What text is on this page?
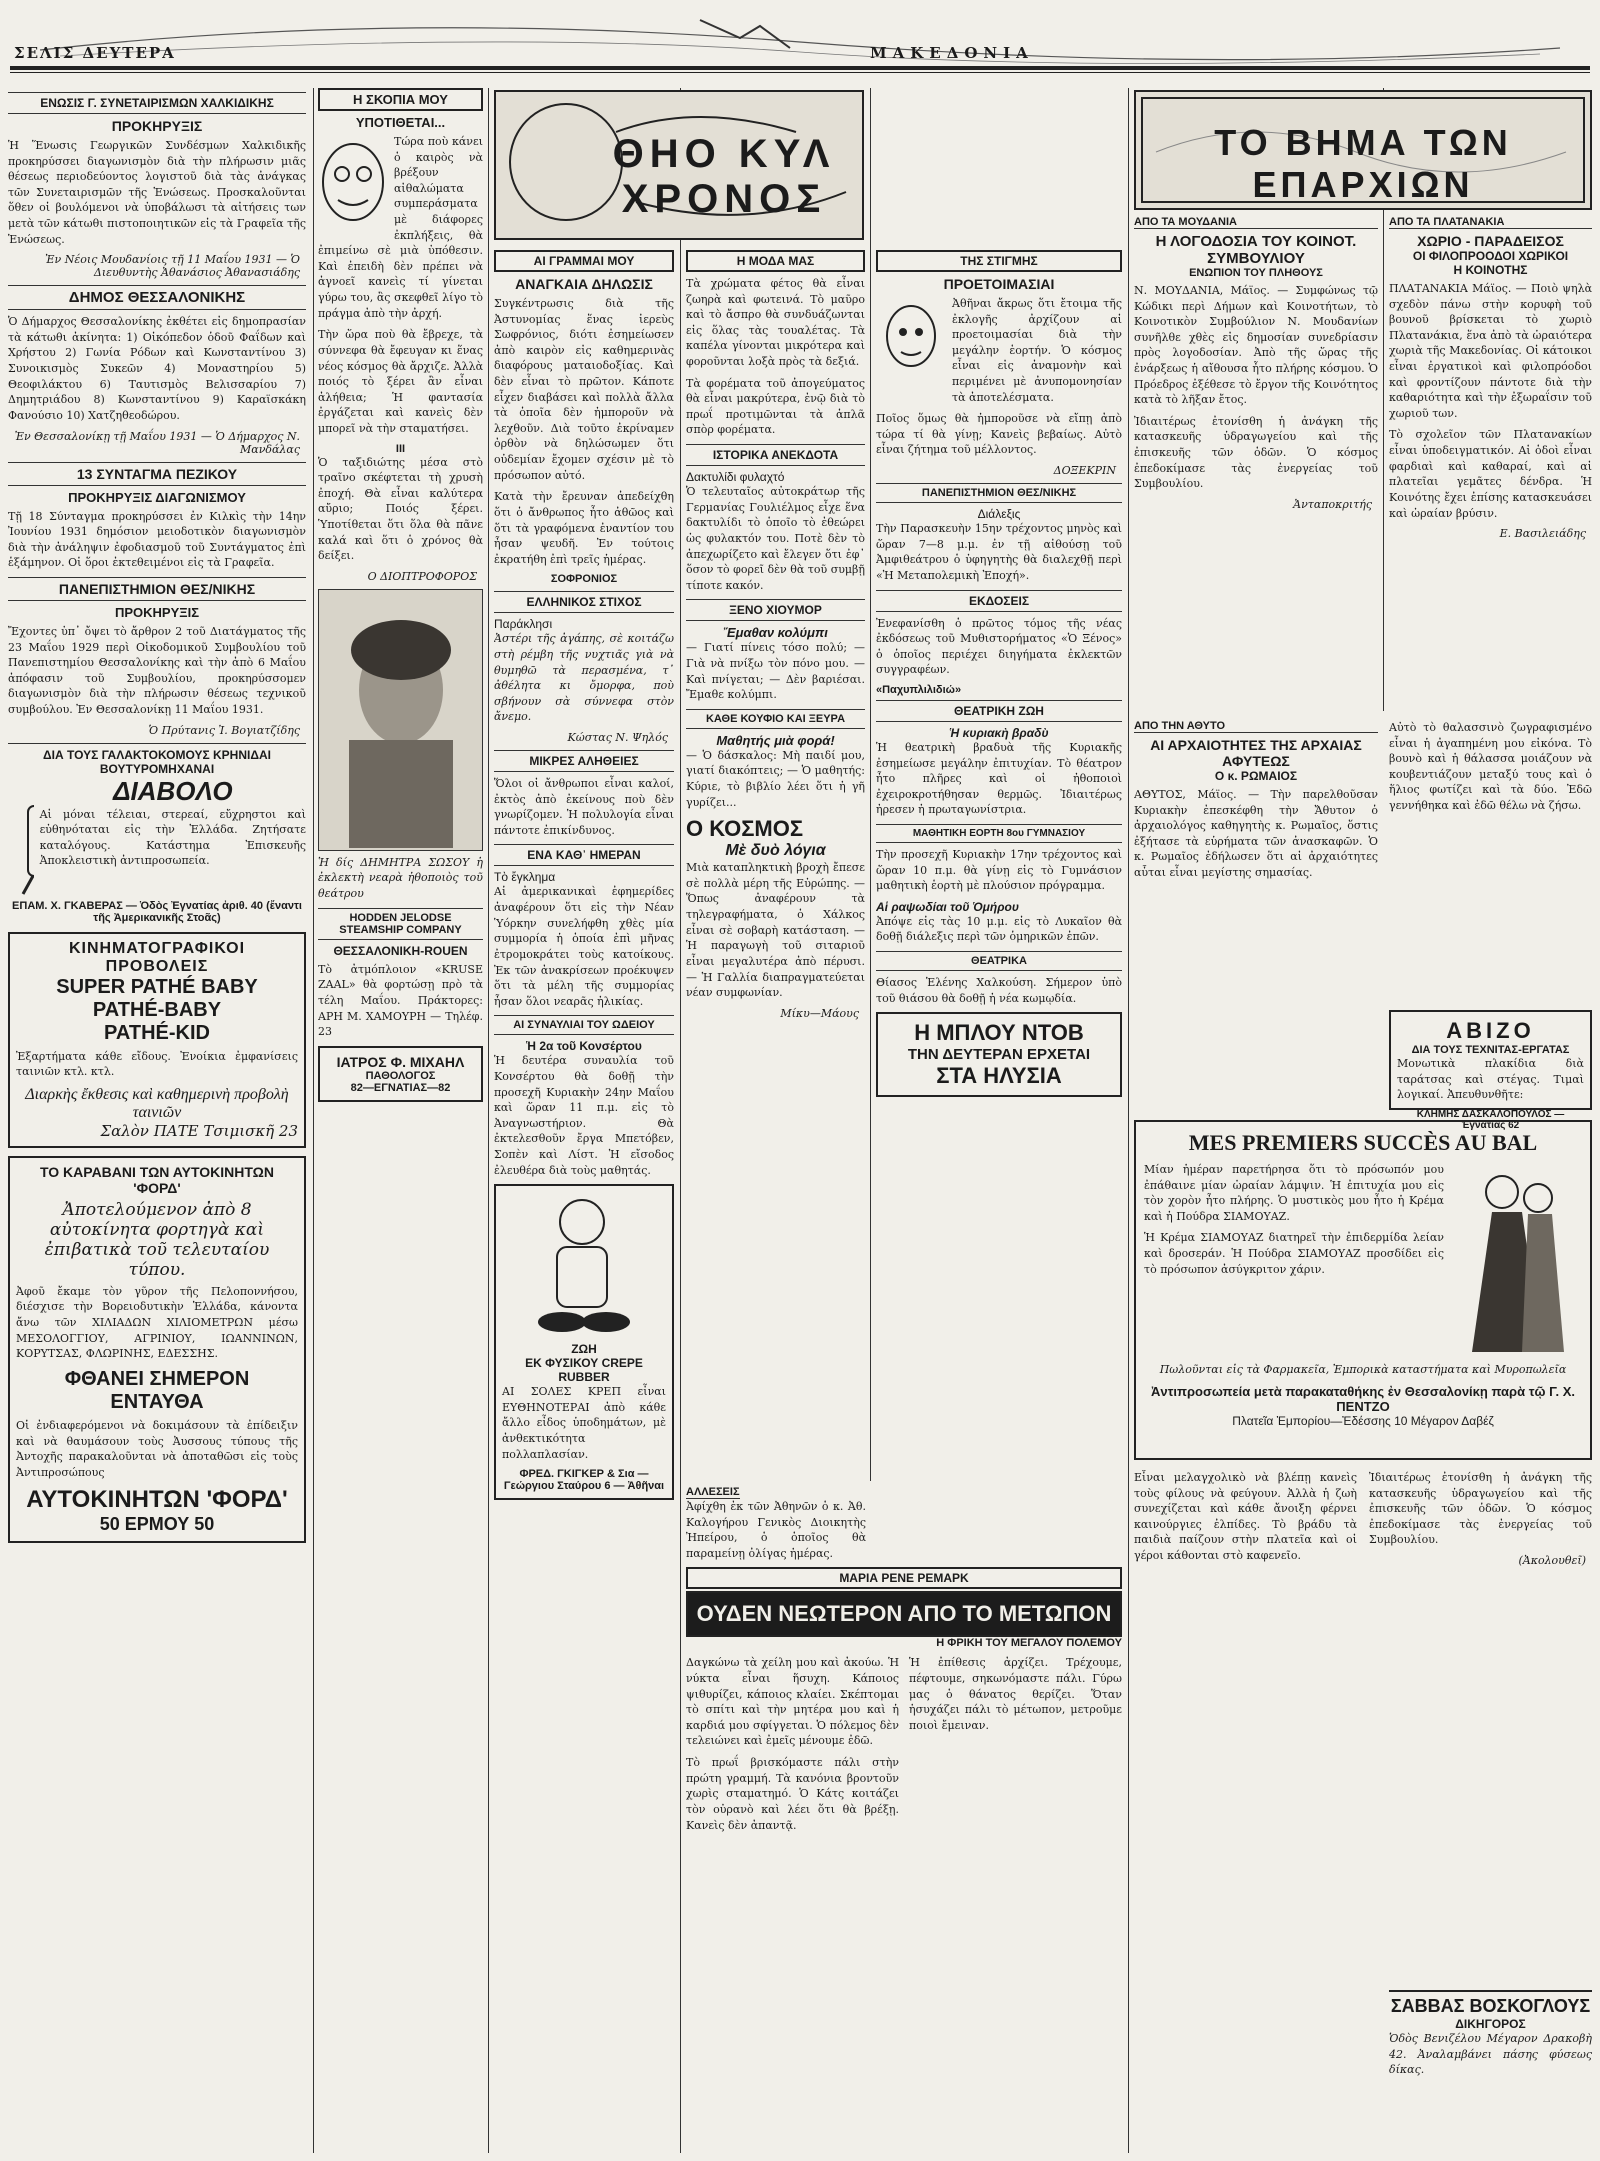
ΣΕΛΙΣ ΔΕΥΤΕΡΑ	ΜΑΚΕΔΟΝΙΑ
ΕΝΩΣΙΣ Γ. ΣΥΝΕΤΑΙΡΙΣΜΩΝ ΧΑΛΚΙΔΙΚΗΣ
ΠΡΟΚΗΡΥΞΙΣ

Ἡ Ἕνωσις Γεωργικῶν Συνδέσμων Χαλκιδικῆς προκηρύσσει διαγωνισμὸν διὰ τὴν πλήρωσιν μιᾶς θέσεως περιοδεύοντος λογιστοῦ διὰ τὰς ἀνάγκας τῶν Συνεταιρισμῶν τῆς Ἑνώσεως. Προσκαλοῦνται ὅθεν οἱ βουλόμενοι νὰ ὑποβάλωσι τὰ αἰτήσεις των μετὰ τῶν κάτωθι πιστοποιητικῶν εἰς τὰ Γραφεῖα τῆς Ἑνώσεως.

Ἐν Νέοις Μουδανίοις τῇ 11 Μαΐου 1931 — Ὁ Διευθυντὴς Ἀθανάσιος Ἀθανασιάδης
ΔΗΜΟΣ ΘΕΣΣΑΛΟΝΙΚΗΣ

Ὁ Δήμαρχος Θεσσαλονίκης ἐκθέτει εἰς δημοπρασίαν τὰ κάτωθι ἀκίνητα: 1) Οἰκόπεδον ὁδοῦ Φαΐδων καὶ Χρήστου 2) Γωνία Ρόδων καὶ Κωνσταντίνου 3) Συνοικισμὸς Συκεῶν 4) Μοναστηρίου 5) Θεοφιλάκτου 6) Ταυτισμὸς Βελισσαρίου 7) Δημητριάδου 8) Κωνσταντίνου 9) Καραϊσκάκη Φανούσιο 10) Χατζηθεοδώρου.

Ἐν Θεσσαλονίκῃ τῇ Μαΐου 1931 — Ὁ Δήμαρχος Ν. Μανδάλας
13 ΣΥΝΤΑΓΜΑ ΠΕΖΙΚΟΥ
ΠΡΟΚΗΡΥΞΙΣ ΔΙΑΓΩΝΙΣΜΟΥ

Τῇ 18 Σύνταγμα προκηρύσσει ἐν Κιλκὶς τὴν 14ην Ἰουνίου 1931 δημόσιον μειοδοτικὸν διαγωνισμὸν διὰ τὴν ἀνάληψιν ἐφοδιασμοῦ τοῦ Συντάγματος ἐπὶ ἑξάμηνον. Οἱ ὅροι ἐκτεθειμένοι εἰς τὰ Γραφεῖα.

ΠΑΝΕΠΙΣΤΗΜΙΟΝ ΘΕΣ/ΝΙΚΗΣ
ΠΡΟΚΗΡΥΞΙΣ

Ἔχοντες ὑπ᾽ ὄψει τὸ ἄρθρον 2 τοῦ Διατάγματος τῆς 23 Μαΐου 1929 περὶ Οἰκοδομικοῦ Συμβουλίου τοῦ Πανεπιστημίου Θεσσαλονίκης καὶ τὴν ἀπὸ 6 Μαΐου ἀπόφασιν τοῦ Συμβουλίου, προκηρύσσομεν διαγωνισμὸν διὰ τὴν πλήρωσιν θέσεως τεχνικοῦ συμβούλου. Ἐν Θεσσαλονίκῃ 11 Μαΐου 1931.

Ὁ Πρύτανις Ἰ. Βογιατζίδης
ΔΙΑ ΤΟΥΣ ΓΑΛΑΚΤΟΚΟΜΟΥΣ ΚΡΗΝΙΔΑΙ ΒΟΥΤΥΡΟΜΗΧΑΝΑΙ
ΔΙΑΒΟΛΟ

Αἱ μόναι τέλειαι, στερεαί, εὔχρηστοι καὶ εὐθηνόταται εἰς τὴν Ἑλλάδα. Ζητήσατε καταλόγους. Κατάστημα Ἐπισκευῆς Ἀποκλειστικὴ ἀντιπροσωπεία.

ΕΠΑΜ. Χ. ΓΚΑΒΕΡΑΣ — Ὁδὸς Ἐγνατίας ἀριθ. 40 (ἔναντι τῆς Ἀμερικανικῆς Στοᾶς)
ΚΙΝΗΜΑΤΟΓΡΑΦΙΚΟΙ ΠΡΟΒΟΛΕΙΣ
SUPER PATHÉ BABY
PATHÉ-BABY
PATHÉ-KID

Ἐξαρτήματα κάθε εἴδους. Ἐνοίκια ἐμφανίσεις ταινιῶν κτλ. κτλ.

Διαρκὴς ἔκθεσις καὶ καθημερινὴ προβολὴ ταινιῶν
Σαλὸν ΠΑΤΕ Τσιμισκῆ 23
ΤΟ ΚΑΡΑΒΑΝΙ ΤΩΝ ΑΥΤΟΚΙΝΗΤΩΝ 'ΦΟΡΔ'
Ἀποτελούμενον ἀπὸ 8 αὐτοκίνητα φορτηγὰ καὶ ἐπιβατικὰ τοῦ τελευταίου τύπου.

Ἀφοῦ ἔκαμε τὸν γῦρον τῆς Πελοποννήσου, διέσχισε τὴν Βορειοδυτικὴν Ἑλλάδα, κάνοντα ἄνω τῶν ΧΙΛΙΑΔΩΝ ΧΙΛΙΟΜΕΤΡΩΝ μέσω ΜΕΣΟΛΟΓΓΙΟΥ, ΑΓΡΙΝΙΟΥ, ΙΩΑΝΝΙΝΩΝ, ΚΟΡΥΤΣΑΣ, ΦΛΩΡΙΝΗΣ, ΕΔΕΣΣΗΣ.

ΦΘΑΝΕΙ ΣΗΜΕΡΟΝ ΕΝΤΑΥΘΑ

Οἱ ἐνδιαφερόμενοι νὰ δοκιμάσουν τὰ ἐπίδειξιν καὶ νὰ θαυμάσουν τοὺς Ἀυσσους τύπους τῆς Ἀντοχῆς παρακαλοῦνται νὰ ἀποταθῶσι εἰς τοὺς Ἀντιπροσώπους

ΑΥΤΟΚΙΝΗΤΩΝ 'ΦΟΡΔ'
50 ΕΡΜΟΥ 50
Η ΣΚΟΠΙΑ ΜΟΥ
ΥΠΟΤΙΘΕΤΑΙ...

Τώρα ποὺ κάνει ὁ καιρὸς νὰ βρέξουν αἰθαλώματα συμπεράσματα μὲ διάφορες ἐκπλήξεις, θὰ ἐπιμείνω σὲ μιὰ ὑπόθεσιν. Καὶ ἐπειδὴ δὲν πρέπει νὰ ἀγνοεῖ κανεὶς τί γίνεται γύρω του, ἂς σκεφθεῖ λίγο τὸ πράγμα ἀπὸ τὴν ἀρχή.

Τὴν ὥρα ποὺ θὰ ἔβρεχε, τὰ σύννεφα θὰ ἔφευγαν κι ἕνας νέος κόσμος θὰ ἄρχιζε. Ἀλλὰ ποιός τὸ ξέρει ἂν εἶναι ἀλήθεια; Ἡ φαντασία ἐργάζεται καὶ κανεὶς δὲν μπορεῖ νὰ τὴν σταματήσει.

III

Ὁ ταξιδιώτης μέσα στὸ τραῖνο σκέφτεται τὴ χρυσὴ ἐποχή. Θὰ εἶναι καλύτερα αὔριο; Ποιός ξέρει. Ὑποτίθεται ὅτι ὅλα θὰ πᾶνε καλά καὶ ὅτι ὁ χρόνος θὰ δείξει.

Ο ΔΙΟΠΤΡΟΦΟΡΟΣ

Ἡ δίς ΔΗΜΗΤΡΑ ΣΩΣΟΥ ἡ ἐκλεκτὴ νεαρὰ ἠθοποιὸς τοῦ θεάτρου

HODDEN JELODSE STEAMSHIP COMPANY
ΘΕΣΣΑΛΟΝΙΚΗ-ROUEN

Τὸ ἀτμόπλοιον «KRUSE ZAAL» θὰ φορτώσῃ πρὸ τὰ τέλη Μαΐου. Πράκτορες: ΑΡΗ Μ. ΧΑΜΟΥΡΗ — Τηλέφ. 23

ΙΑΤΡΟΣ Φ. ΜΙΧΑΗΛ
ΠΑΘΟΛΟΓΟΣ
82—ΕΓΝΑΤΙΑΣ—82
ΘΗΟ ΚΥΛ ΧΡΟΝΟΣ
ΑΙ ΓΡΑΜΜΑΙ ΜΟΥ
ΑΝΑΓΚΑΙΑ ΔΗΛΩΣΙΣ

Συγκέντρωσις διὰ τῆς Ἀστυνομίας ἕνας ἰερεὺς Σωφρόνιος, διότι ἐσημείωσεν ἀπὸ καιρὸν εἰς καθημερινὰς διαφόρους ματαιοδοξίας. Καὶ δὲν εἶναι τὸ πρῶτον. Κάποτε εἶχεν διαβάσει καὶ πολλὰ ἄλλα τὰ ὁποῖα δὲν ἠμποροῦν νὰ λεχθοῦν. Διὰ τοῦτο ἐκρίναμεν ὀρθὸν νὰ δηλώσωμεν ὅτι οὐδεμίαν ἔχομεν σχέσιν μὲ τὸ πρόσωπον αὐτό.

Κατὰ τὴν ἔρευναν ἀπεδείχθη ὅτι ὁ ἄνθρωπος ἦτο ἀθῶος καὶ ὅτι τὰ γραφόμενα ἐναντίον του ἦσαν ψευδῆ. Ἐν τούτοις ἐκρατήθη ἐπὶ τρεῖς ἡμέρας.

ΣΟΦΡΟΝΙΟΣ
ΕΛΛΗΝΙΚΟΣ ΣΤΙΧΟΣ
Παράκλησι

Ἀστέρι τῆς ἀγάπης, σὲ κοιτάζω στὴ ρέμβη τῆς νυχτιᾶς γιὰ νὰ θυμηθῶ τὰ περασμένα, τ᾽ ἀθέλητα κι ὄμορφα, ποὺ σβήνουν σὰ σύννεφα στὸν ἄνεμο.

Κώστας Ν. Ψηλός
ΜΙΚΡΕΣ ΑΛΗΘΕΙΕΣ

Ὅλοι οἱ ἄνθρωποι εἶναι καλοί, ἐκτὸς ἀπὸ ἐκείνους ποὺ δὲν γνωρίζομεν. Ἡ πολυλογία εἶναι πάντοτε ἐπικίνδυνος.

ΕΝΑ ΚΑΘ᾽ ΗΜΕΡΑΝ
Τὸ ἔγκλημα

Αἱ ἀμερικανικαὶ ἐφημερίδες ἀναφέρουν ὅτι εἰς τὴν Νέαν Ὑόρκην συνελήφθη χθὲς μία συμμορία ἡ ὁποία ἐπὶ μῆνας ἐτρομοκράτει τοὺς κατοίκους. Ἐκ τῶν ἀνακρίσεων προέκυψεν ὅτι τὰ μέλη τῆς συμμορίας ἦσαν ὅλοι νεαρᾶς ἡλικίας.

ΑΙ ΣΥΝΑΥΛΙΑΙ ΤΟΥ ΩΔΕΙΟΥ
Ἡ 2α τοῦ Κονσέρτου

Ἡ δευτέρα συναυλία τοῦ Κονσέρτου θὰ δοθῇ τὴν προσεχῆ Κυριακὴν 24ην Μαΐου καὶ ὥραν 11 π.μ. εἰς τὸ Ἀναγνωστήριον. Θὰ ἐκτελεσθοῦν ἔργα Μπετόβεν, Σοπὲν καὶ Λίστ. Ἡ εἴσοδος ἐλευθέρα διὰ τοὺς μαθητάς.

ΖΩΗ
ΕΚ ΦΥΣΙΚΟΥ CREPE RUBBER

ΑΙ ΣΟΛΕΣ ΚΡΕΠ εἶναι ΕΥΘΗΝΟΤΕΡΑΙ ἀπὸ κάθε ἄλλο εἶδος ὑποδημάτων, μὲ ἀνθεκτικότητα πολλαπλασίαν.

ΦΡΕΔ. ΓΚΙΓΚΕΡ & Σια — Γεώργιου Σταύρου 6 — Ἀθῆναι
Η ΜΟΔΑ ΜΑΣ

Τὰ χρώματα φέτος θὰ εἶναι ζωηρὰ καὶ φωτεινά. Τὸ μαῦρο καὶ τὸ ἄσπρο θὰ συνδυάζωνται εἰς ὅλας τὰς τουαλέτας. Τὰ καπέλα γίνονται μικρότερα καὶ φοροῦνται λοξὰ πρὸς τὰ δεξιά.

Τὰ φορέματα τοῦ ἀπογεύματος θὰ εἶναι μακρύτερα, ἐνῷ διὰ τὸ πρωΐ προτιμῶνται τὰ ἁπλᾶ σπὸρ φορέματα.

ΙΣΤΟΡΙΚΑ ΑΝΕΚΔΟΤΑ
Δακτυλίδι φυλαχτό

Ὁ τελευταῖος αὐτοκράτωρ τῆς Γερμανίας Γουλιέλμος εἶχε ἕνα δακτυλίδι τὸ ὁποῖο τὸ ἐθεώρει ὡς φυλακτόν του. Ποτὲ δὲν τὸ ἀπεχωρίζετο καὶ ἔλεγεν ὅτι ἐφ᾽ ὅσον τὸ φορεῖ δὲν θὰ τοῦ συμβῇ τίποτε κακόν.

ΞΕΝΟ ΧΙΟΥΜΟΡ
Ἔμαθαν κολύμπι

— Γιατί πίνεις τόσο πολύ; — Γιὰ νὰ πνίξω τὸν πόνο μου. — Καὶ πνίγεται; — Δὲν βαριέσαι. Ἔμαθε κολύμπι.

ΚΑΘΕ ΚΟΥΦΙΟ ΚΑΙ ΞΕΥΡΑ
Μαθητής μιὰ φορά!

— Ὁ δάσκαλος: Μὴ παιδί μου, γιατί διακόπτεις; — Ὁ μαθητής: Κύριε, τὸ βιβλίο λέει ὅτι ἡ γῆ γυρίζει...

Ο ΚΟΣΜΟΣ
Μὲ δυὸ λόγια

Μιὰ καταπληκτικὴ βροχὴ ἔπεσε σὲ πολλὰ μέρη τῆς Εὐρώπης. — Ὅπως ἀναφέρουν τὰ τηλεγραφήματα, ὁ Χάλκος εἶναι σὲ σοβαρὴ κατάσταση. — Ἡ παραγωγὴ τοῦ σιταριοῦ εἶναι μεγαλυτέρα ἀπὸ πέρυσι. — Ἡ Γαλλία διαπραγματεύεται νέαν συμφωνίαν.

Μίκυ—Μάους
ΤΗΣ ΣΤΙΓΜΗΣ
ΠΡΟΕΤΟΙΜΑΣΙΑΙ

Ἀθῆναι ἄκρως ὅτι ἔτοιμα τῆς ἐκλογῆς ἀρχίζουν αἱ προετοιμασίαι διὰ τὴν μεγάλην ἑορτήν. Ὁ κόσμος εἶναι εἰς ἀναμονὴν καὶ περιμένει μὲ ἀνυπομονησίαν τὰ ἀποτελέσματα.

Ποῖος ὅμως θὰ ἠμποροῦσε νὰ εἴπῃ ἀπὸ τώρα τί θὰ γίνῃ; Κανεὶς βεβαίως. Αὐτὸ εἶναι ζήτημα τοῦ μέλλοντος.

ΔΟΞΕΚΡΙΝ
ΠΑΝΕΠΙΣΤΗΜΙΟΝ ΘΕΣ/ΝΙΚΗΣ
Διάλεξις

Τὴν Παρασκευὴν 15ην τρέχοντος μηνὸς καὶ ὥραν 7—8 μ.μ. ἐν τῇ αἰθούσῃ τοῦ Ἀμφιθεάτρου ὁ ὑφηγητὴς θὰ διαλεχθῇ περὶ «Ἡ Μεταπολεμικὴ Ἐποχή».

ΕΚΔΟΣΕΙΣ

Ἐνεφανίσθη ὁ πρῶτος τόμος τῆς νέας ἐκδόσεως τοῦ Μυθιστορήματος «Ὁ Ξένος» ὁ ὁποῖος περιέχει διηγήματα ἐκλεκτῶν συγγραφέων.

«Παχυπλιλιδιώ»
ΘΕΑΤΡΙΚΗ ΖΩΗ
Ἡ κυριακὴ βραδὺ

Ἡ θεατρικὴ βραδυὰ τῆς Κυριακῆς ἐσημείωσε μεγάλην ἐπιτυχίαν. Τὸ θέατρον ἦτο πλῆρες καὶ οἱ ἠθοποιοὶ ἐχειροκροτήθησαν θερμῶς. Ἰδιαιτέρως ἠρεσεν ἡ πρωταγωνίστρια.

ΜΑΘΗΤΙΚΗ ΕΟΡΤΗ 8ου ΓΥΜΝΑΣΙΟΥ

Τὴν προσεχῆ Κυριακὴν 17ην τρέχοντος καὶ ὥραν 10 π.μ. θὰ γίνῃ εἰς τὸ Γυμνάσιον μαθητικὴ ἑορτὴ μὲ πλούσιον πρόγραμμα.

Αἱ ραψωδίαι τοῦ Ὁμήρου

Ἀπόψε εἰς τὰς 10 μ.μ. εἰς τὸ Λυκαῖον θὰ δοθῇ διάλεξις περὶ τῶν ὁμηρικῶν ἐπῶν.

ΘΕΑΤΡΙΚΑ

Θίασος Ἑλένης Χαλκούση. Σήμερον ὑπὸ τοῦ θιάσου θὰ δοθῇ ἡ νέα κωμῳδία.

Η ΜΠΛΟΥ ΝΤΟΒ
ΤΗΝ ΔΕΥΤΕΡΑΝ ΕΡΧΕΤΑΙ
ΣΤΑ ΗΛΥΣΙΑ
ΑΛΛΕΣΕΙΣ

Ἀφίχθη ἐκ τῶν Ἀθηνῶν ὁ κ. Ἀθ. Καλογήρου Γενικὸς Διοικητὴς Ἠπείρου, ὁ ὁποῖος θὰ παραμείνῃ ὀλίγας ἡμέρας.

ΜΑΡΙΑ ΡΕΝΕ ΡΕΜΑΡΚ
ΟΥΔΕΝ ΝΕΩΤΕΡΟΝ ΑΠΟ ΤΟ ΜΕΤΩΠΟΝ
Η ΦΡΙΚΗ ΤΟΥ ΜΕΓΑΛΟΥ ΠΟΛΕΜΟΥ

Δαγκώνω τὰ χείλη μου καὶ ἀκούω. Ἡ νύκτα εἶναι ἥσυχη. Κάποιος ψιθυρίζει, κάποιος κλαίει. Σκέπτομαι τὸ σπίτι καὶ τὴν μητέρα μου καὶ ἡ καρδιά μου σφίγγεται. Ὁ πόλεμος δὲν τελειώνει καὶ ἐμεῖς μένουμε ἐδῶ.

Τὸ πρωΐ βρισκόμαστε πάλι στὴν πρώτη γραμμή. Τὰ κανόνια βροντοῦν χωρὶς σταματημό. Ὁ Κάτς κοιτάζει τὸν οὐρανὸ καὶ λέει ὅτι θὰ βρέξῃ. Κανεὶς δὲν ἀπαντᾷ.

Ἡ ἐπίθεσις ἀρχίζει. Τρέχουμε, πέφτουμε, σηκωνόμαστε πάλι. Γύρω μας ὁ θάνατος θερίζει. Ὅταν ἡσυχάζει πάλι τὸ μέτωπον, μετροῦμε ποιοὶ ἔμειναν.

ΤΟ ΒΗΜΑ ΤΩΝ ΕΠΑΡΧΙΩΝ
ΑΠΟ ΤΑ ΜΟΥΔΑΝΙΑ
Η ΛΟΓΟΔΟΣΙΑ ΤΟΥ ΚΟΙΝΟΤ. ΣΥΜΒΟΥΛΙΟΥ
ΕΝΩΠΙΟΝ ΤΟΥ ΠΛΗΘΟΥΣ

Ν. ΜΟΥΔΑΝΙΑ, Μάϊος. — Συμφώνως τῷ Κώδικι περὶ Δήμων καὶ Κοινοτήτων, τὸ Κοινοτικὸν Συμβούλιον Ν. Μουδανίων συνῆλθε χθὲς εἰς δημοσίαν συνεδρίασιν πρὸς λογοδοσίαν. Ἀπὸ τῆς ὥρας τῆς ἐνάρξεως ἡ αἴθουσα ἦτο πλήρης κόσμου. Ὁ Πρόεδρος ἐξέθεσε τὸ ἔργον τῆς Κοινότητος κατὰ τὸ λῆξαν ἔτος.

Ἰδιαιτέρως ἐτονίσθη ἡ ἀνάγκη τῆς κατασκευῆς ὑδραγωγείου καὶ τῆς ἐπισκευῆς τῶν ὁδῶν. Ὁ κόσμος ἐπεδοκίμασε τὰς ἐνεργείας τοῦ Συμβουλίου.

Ἀνταποκριτής
ΑΠΟ ΤΑ ΠΛΑΤΑΝΑΚΙΑ
ΧΩΡΙΟ - ΠΑΡΑΔΕΙΣΟΣ
ΟΙ ΦΙΛΟΠΡΟΟΔΟΙ ΧΩΡΙΚΟΙ
Η ΚΟΙΝΟΤΗΣ

ΠΛΑΤΑΝΑΚΙΑ Μάϊος. — Ποιὸ ψηλὰ σχεδὸν πάνω στὴν κορυφὴ τοῦ βουνοῦ βρίσκεται τὸ χωριὸ Πλατανάκια, ἕνα ἀπὸ τὰ ὡραιότερα χωριὰ τῆς Μακεδονίας. Οἱ κάτοικοι εἶναι ἐργατικοὶ καὶ φιλοπρόοδοι καὶ φροντίζουν πάντοτε διὰ τὴν καθαριότητα καὶ τὴν ἐξωραΐσιν τοῦ χωριοῦ των.

Τὸ σχολεῖον τῶν Πλατανακίων εἶναι ὑποδειγματικόν. Αἱ ὁδοὶ εἶναι φαρδιαὶ καὶ καθαραί, καὶ αἱ πλατεῖαι γεμᾶτες δένδρα. Ἡ Κοινότης ἔχει ἐπίσης κατασκευάσει καὶ ὡραίαν βρύσιν.

Ε. Βασιλειάδης
ΑΠΟ ΤΗΝ ΑΘΥΤΟ
ΑΙ ΑΡΧΑΙΟΤΗΤΕΣ ΤΗΣ ΑΡΧΑΙΑΣ ΑΦΥΤΕΩΣ
Ο κ. ΡΩΜΑΙΟΣ

ΑΘΥΤΟΣ, Μάϊος. — Τὴν παρελθοῦσαν Κυριακὴν ἐπεσκέφθη τὴν Ἄθυτον ὁ ἀρχαιολόγος καθηγητὴς κ. Ρωμαῖος, ὅστις ἐξήτασε τὰ εὑρήματα τῶν ἀνασκαφῶν. Ὁ κ. Ρωμαῖος ἐδήλωσεν ὅτι αἱ ἀρχαιότητες αὗται εἶναι μεγίστης σημασίας.

Αὐτὸ τὸ θαλασσινὸ ζωγραφισμένο εἶναι ἡ ἀγαπημένη μου εἰκόνα. Τὸ βουνὸ καὶ ἡ θάλασσα μοιάζουν νὰ κουβεντιάζουν μεταξύ τους καὶ ὁ ἥλιος φωτίζει καὶ τὰ δύο. Ἐδῶ γεννήθηκα καὶ ἐδῶ θέλω νὰ ζήσω.

ΑΒΙΖΟ
ΔΙΑ ΤΟΥΣ ΤΕΧΝΙΤΑΣ-ΕΡΓΑΤΑΣ

Μονωτικὰ πλακίδια διὰ ταράτσας καὶ στέγας. Τιμαὶ λογικαί. Ἀπευθυνθῆτε:

ΚΛΗΜΗΣ ΔΑΣΚΑΛΟΠΟΥΛΟΣ — Ἐγνατίας 62
MES PREMIERS SUCCÈS AU BAL

Μίαν ἡμέραν παρετήρησα ὅτι τὸ πρόσωπόν μου ἐπάθαινε μίαν ὡραίαν λάμψιν. Ἡ ἐπιτυχία μου εἰς τὸν χορὸν ἦτο πλήρης. Ὁ μυστικὸς μου ἦτο ἡ Κρέμα καὶ ἡ Πούδρα ΣΙΑΜΟΥΑΖ.

Ἡ Κρέμα ΣΙΑΜΟΥΑΖ διατηρεῖ τὴν ἐπιδερμίδα λείαν καὶ δροσεράν. Ἡ Πούδρα ΣΙΑΜΟΥΑΖ προσδίδει εἰς τὸ πρόσωπον ἀσύγκριτον χάριν.

Πωλοῦνται εἰς τὰ Φαρμακεῖα, Ἐμπορικὰ καταστήματα καὶ Μυροπωλεῖα

Ἀντιπροσωπεία μετὰ παρακαταθήκης ἐν Θεσσαλονίκῃ παρὰ τῷ Γ. Χ. ΠΕΝΤΖΟ
Πλατεῖα Ἐμπορίου—Ἐδέσσης 10 Μέγαρον Δαβέζ

Εἶναι μελαγχολικὸ νὰ βλέπῃ κανεὶς τοὺς φίλους νὰ φεύγουν. Ἀλλὰ ἡ ζωὴ συνεχίζεται καὶ κάθε ἄνοιξη φέρνει καινούργιες ἐλπίδες. Τὸ βράδυ τὰ παιδιὰ παίζουν στὴν πλατεῖα καὶ οἱ γέροι κάθονται στὸ καφενεῖο.

Ἰδιαιτέρως ἐτονίσθη ἡ ἀνάγκη τῆς κατασκευῆς ὑδραγωγείου καὶ τῆς ἐπισκευῆς τῶν ὁδῶν. Ὁ κόσμος ἐπεδοκίμασε τὰς ἐνεργείας τοῦ Συμβουλίου.

(Ἀκολουθεῖ)
ΣΑΒΒΑΣ ΒΟΣΚΟΓΛΟΥΣ
ΔΙΚΗΓΟΡΟΣ

Ὁδὸς Βενιζέλου Μέγαρον Δρακοβὴ 42. Ἀναλαμβάνει πάσης φύσεως δίκας.
